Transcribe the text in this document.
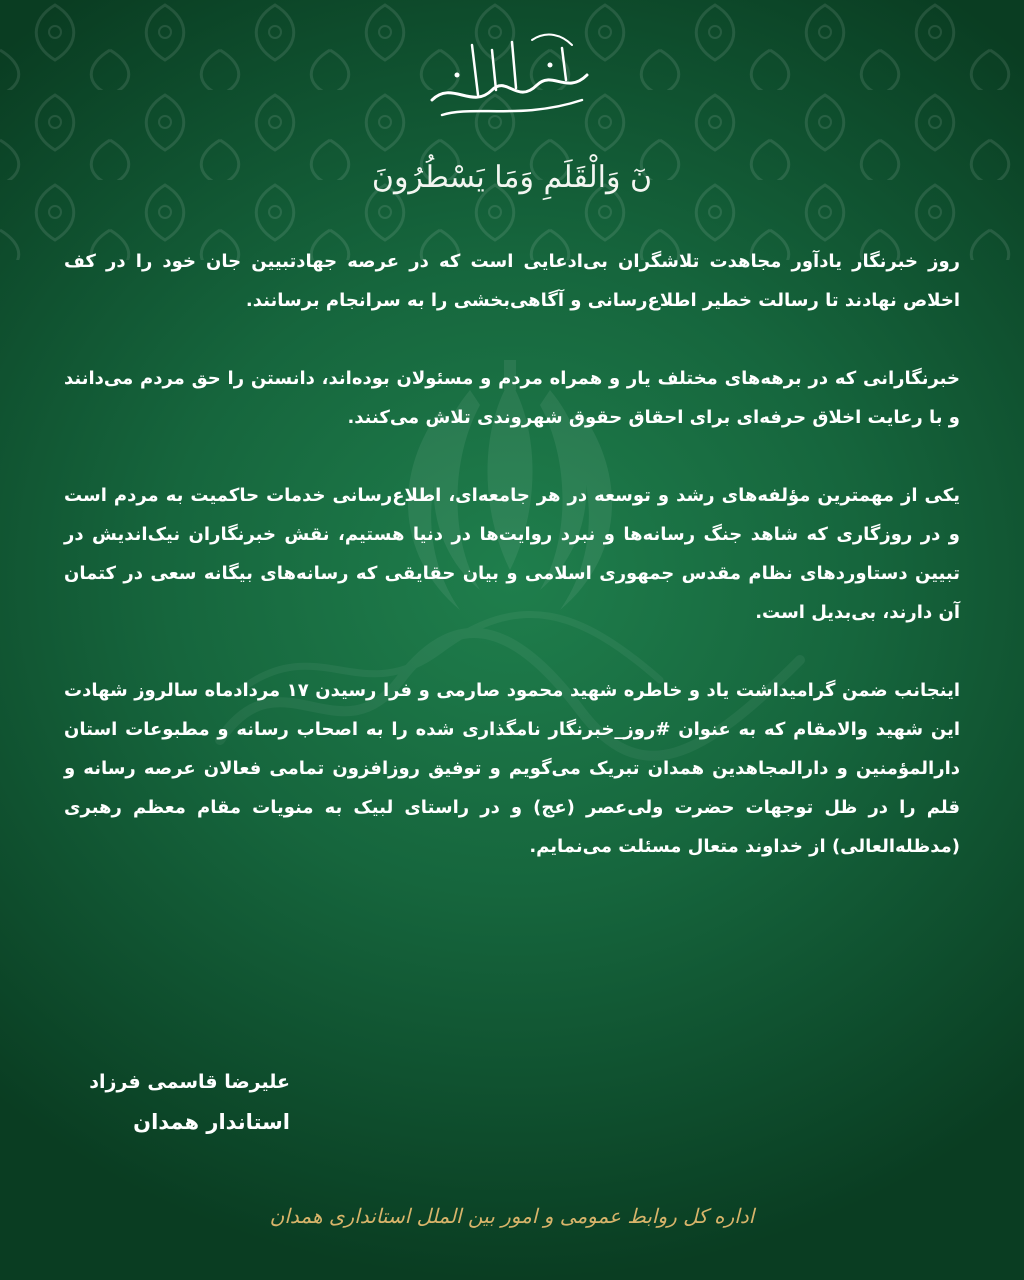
نٓ وَالْقَلَمِ وَمَا يَسْطُرُونَ

روز خبرنگار یادآور مجاهدت تلاشگران بی‌ادعایی است که در عرصه جهادتبیین جان خود را در کف اخلاص نهادند تا رسالت خطیر اطلاع‌رسانی و آگاهی‌بخشی را به سرانجام برسانند.

خبرنگارانی که در برهه‌های مختلف یار و همراه مردم و مسئولان بوده‌اند، دانستن را حق مردم می‌دانند و با رعایت اخلاق حرفه‌ای برای احقاق حقوق شهروندی تلاش می‌کنند.

یکی از مهمترین مؤلفه‌های رشد و توسعه در هر جامعه‌ای، اطلاع‌رسانی خدمات حاکمیت به مردم است و در روزگاری که شاهد جنگ رسانه‌ها و نبرد روایت‌ها در دنیا هستیم، نقش خبرنگاران نیک‌اندیش در تبیین دستاوردهای نظام مقدس جمهوری اسلامی و بیان حقایقی که رسانه‌های بیگانه سعی در کتمان آن دارند، بی‌بدیل است.

اینجانب ضمن گرامیداشت یاد و خاطره شهید محمود صارمی و فرا رسیدن ۱۷ مردادماه سالروز شهادت این شهید والامقام که به عنوان #روز_خبرنگار نامگذاری شده را به اصحاب رسانه و مطبوعات استان دارالمؤمنین و دارالمجاهدین همدان تبریک می‌گویم و توفیق روزافزون تمامی فعالان عرصه رسانه و قلم را در ظل توجهات حضرت ولی‌عصر (عج) و در راستای لبیک به منویات مقام معظم رهبری (مدظله‌العالی) از خداوند متعال مسئلت می‌نمایم.

علیرضا قاسمی فرزاد
استاندار همدان
اداره کل روابط عمومی و امور بین الملل استانداری همدان
